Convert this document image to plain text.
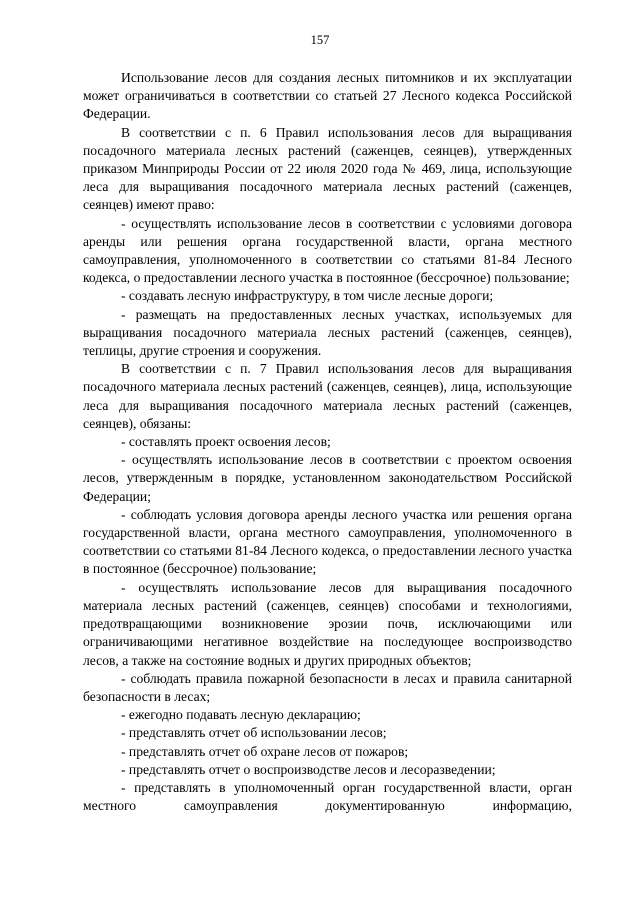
157

Использование лесов для создания лесных питомников и их эксплуатации может ограничиваться в соответствии со статьей 27 Лесного кодекса Российской Федерации.

В соответствии с п. 6 Правил использования лесов для выращивания посадочного материала лесных растений (саженцев, сеянцев), утвержденных приказом Минприроды России от 22 июля 2020 года № 469, лица, использующие леса для выращивания посадочного материала лесных растений (саженцев, сеянцев) имеют право:

- осуществлять использование лесов в соответствии с условиями договора аренды или решения органа государственной власти, органа местного самоуправления, уполномоченного в соответствии со статьями 81-84 Лесного кодекса, о предоставлении лесного участка в постоянное (бессрочное) пользование;

- создавать лесную инфраструктуру, в том числе лесные дороги;

- размещать на предоставленных лесных участках, используемых для выращивания посадочного материала лесных растений (саженцев, сеянцев), теплицы, другие строения и сооружения.

В соответствии с п. 7 Правил использования лесов для выращивания посадочного материала лесных растений (саженцев, сеянцев), лица, использующие леса для выращивания посадочного материала лесных растений (саженцев, сеянцев), обязаны:

- составлять проект освоения лесов;

- осуществлять использование лесов в соответствии с проектом освоения лесов, утвержденным в порядке, установленном законодательством Российской Федерации;

- соблюдать условия договора аренды лесного участка или решения органа государственной власти, органа местного самоуправления, уполномоченного в соответствии со статьями 81-84 Лесного кодекса, о предоставлении лесного участка в постоянное (бессрочное) пользование;

- осуществлять использование лесов для выращивания посадочного материала лесных растений (саженцев, сеянцев) способами и технологиями, предотвращающими возникновение эрозии почв, исключающими или ограничивающими негативное воздействие на последующее воспроизводство лесов, а также на состояние водных и других природных объектов;

- соблюдать правила пожарной безопасности в лесах и правила санитарной безопасности в лесах;

- ежегодно подавать лесную декларацию;

- представлять отчет об использовании лесов;

- представлять отчет об охране лесов от пожаров;

- представлять отчет о воспроизводстве лесов и лесоразведении;

- представлять в уполномоченный орган государственной власти, орган местного самоуправления документированную информацию,
